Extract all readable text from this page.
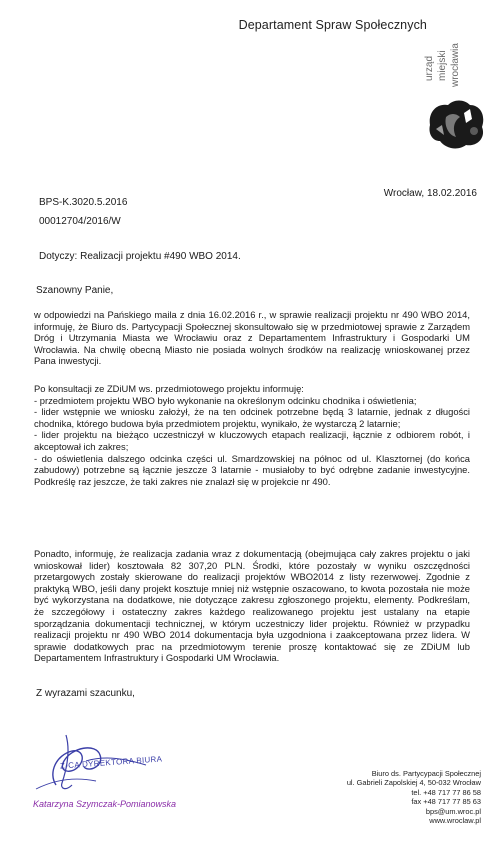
Departament Spraw Społecznych
urząd miejski wrocławia
Wrocław, 18.02.2016
BPS-K.3020.5.2016
00012704/2016/W
Dotyczy: Realizacji projektu #490 WBO 2014.
Szanowny Panie,

w odpowiedzi na Pańskiego maila z dnia 16.02.2016 r., w sprawie realizacji projektu nr 490 WBO 2014, informuję, że Biuro ds. Partycypacji Społecznej skonsultowało się w przedmiotowej sprawie z Zarządem Dróg i Utrzymania Miasta we Wrocławiu oraz z Departamentem Infrastruktury i Gospodarki UM Wrocławia. Na chwilę obecną Miasto nie posiada wolnych środków na realizację wnioskowanej przez Pana inwestycji.

Po konsultacji ze ZDiUM ws. przedmiotowego projektu informuję:
- przedmiotem projektu WBO było wykonanie na określonym odcinku chodnika i oświetlenia;
- lider wstępnie we wniosku założył, że na ten odcinek potrzebne będą 3 latarnie, jednak z długości chodnika, którego budowa była przedmiotem projektu, wynikało, że wystarczą 2 latarnie;
- lider projektu na bieżąco uczestniczył w kluczowych etapach realizacji, łącznie z odbiorem robót, i akceptował ich zakres;
- do oświetlenia dalszego odcinka części ul. Smardzowskiej na północ od ul. Klasztornej (do końca zabudowy) potrzebne są łącznie jeszcze 3 latarnie - musiałoby to być odrębne zadanie inwestycyjne. Podkreślę raz jeszcze, że taki zakres nie znalazł się w projekcie nr 490.

Ponadto, informuję, że realizacja zadania wraz z dokumentacją (obejmująca cały zakres projektu o jaki wnioskował lider) kosztowała 82 307,20 PLN. Środki, które pozostały w wyniku oszczędności przetargowych zostały skierowane do realizacji projektów WBO2014 z listy rezerwowej. Zgodnie z praktyką WBO, jeśli dany projekt kosztuje mniej niż wstępnie oszacowano, to kwota pozostała nie może być wykorzystana na dodatkowe, nie dotyczące zakresu zgłoszonego projektu, elementy. Podkreślam, że szczegółowy i ostateczny zakres każdego realizowanego projektu jest ustalany na etapie sporządzania dokumentacji technicznej, w którym uczestniczy lider projektu. Również w przypadku realizacji projektu nr 490 WBO 2014 dokumentacja była uzgodniona i zaakceptowana przez lidera. W sprawie dodatkowych prac na przedmiotowym terenie proszę kontaktować się ze ZDiUM lub Departamentem Infrastruktury i Gospodarki UM Wrocławia.

Z wyrazami szacunku,
Z-CA DYREKTORA BIURA
Katarzyna Szymczak-Pomianowska
Biuro ds. Partycypacji Społecznej
ul. Gabrieli Zapolskiej 4, 50-032 Wrocław
tel. +48 717 77 86 58
fax +48 717 77 85 63
bps@um.wroc.pl
www.wroclaw.pl
